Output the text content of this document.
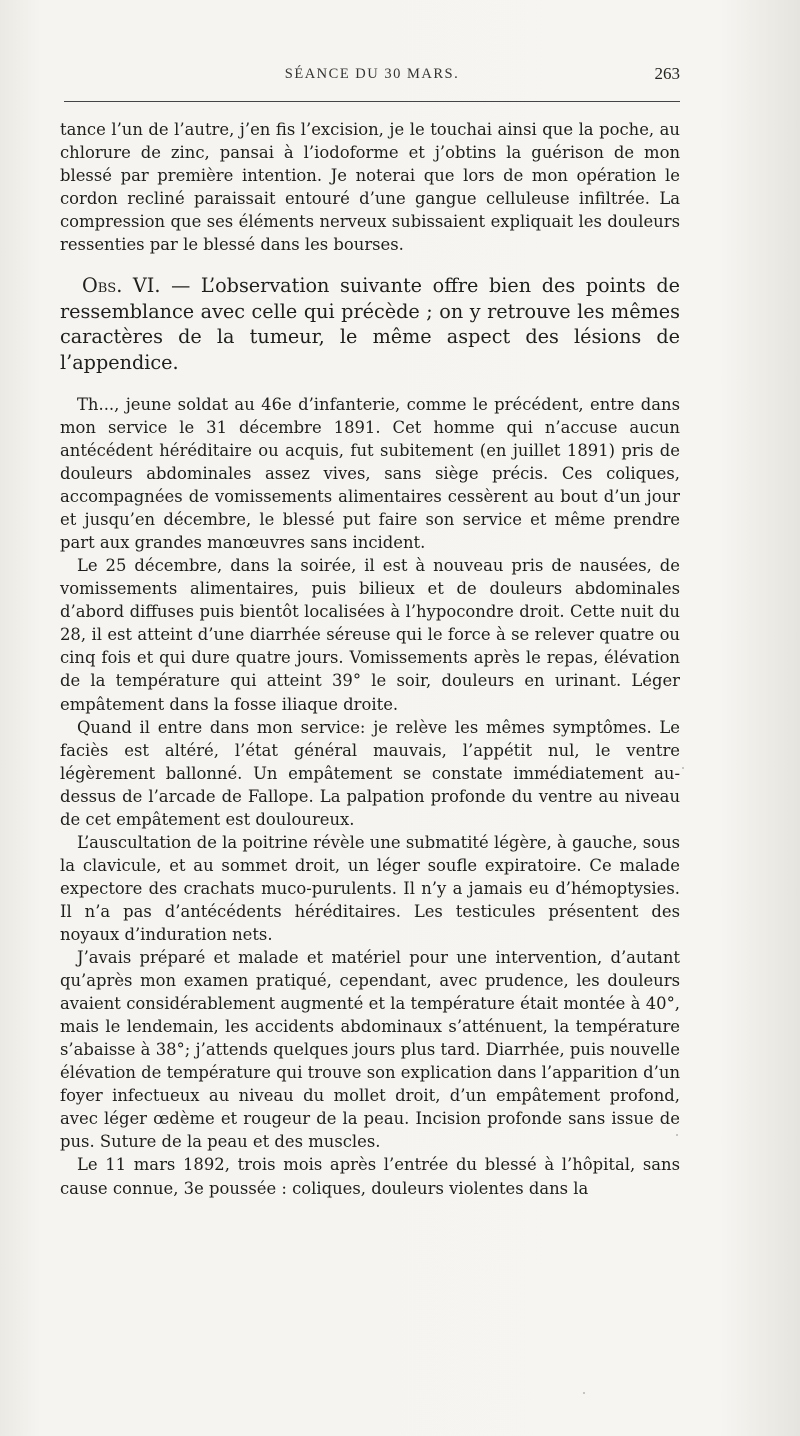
SÉANCE DU 30 MARS.	263

tance l’un de l’autre, j’en fis l’excision, je le touchai ainsi que la poche, au chlorure de zinc, pansai à l’iodoforme et j’obtins la guérison de mon blessé par première intention. Je noterai que lors de mon opération le cordon recliné paraissait entouré d’une gangue celluleuse infiltrée. La compression que ses éléments nerveux subissaient expliquait les douleurs ressenties par le blessé dans les bourses.

Obs. VI. — L’observation suivante offre bien des points de ressemblance avec celle qui précède ; on y retrouve les mêmes caractères de la tumeur, le même aspect des lésions de l’appendice.

Th..., jeune soldat au 46e d’infanterie, comme le précédent, entre dans mon service le 31 décembre 1891. Cet homme qui n’accuse aucun antécédent héréditaire ou acquis, fut subitement (en juillet 1891) pris de douleurs abdominales assez vives, sans siège précis. Ces coliques, accompagnées de vomissements alimentaires cessèrent au bout d’un jour et jusqu’en décembre, le blessé put faire son service et même prendre part aux grandes manœuvres sans incident.

Le 25 décembre, dans la soirée, il est à nouveau pris de nausées, de vomissements alimentaires, puis bilieux et de douleurs abdominales d’abord diffuses puis bientôt localisées à l’hypocondre droit. Cette nuit du 28, il est atteint d’une diarrhée séreuse qui le force à se relever quatre ou cinq fois et qui dure quatre jours. Vomissements après le repas, élévation de la température qui atteint 39° le soir, douleurs en urinant. Léger empâtement dans la fosse iliaque droite.

Quand il entre dans mon service: je relève les mêmes symptômes. Le faciès est altéré, l’état général mauvais, l’appétit nul, le ventre légèrement ballonné. Un empâtement se constate immédiatement au-dessus de l’arcade de Fallope. La palpation profonde du ventre au niveau de cet empâtement est douloureux.

L’auscultation de la poitrine révèle une submatité légère, à gauche, sous la clavicule, et au sommet droit, un léger soufle expiratoire. Ce malade expectore des crachats muco-purulents. Il n’y a jamais eu d’hémoptysies. Il n’a pas d’antécédents héréditaires. Les testicules présentent des noyaux d’induration nets.

J’avais préparé et malade et matériel pour une intervention, d’autant qu’après mon examen pratiqué, cependant, avec prudence, les douleurs avaient considérablement augmenté et la température était montée à 40°, mais le lendemain, les accidents abdominaux s’atténuent, la température s’abaisse à 38°; j’attends quelques jours plus tard. Diarrhée, puis nouvelle élévation de température qui trouve son explication dans l’apparition d’un foyer infectueux au niveau du mollet droit, d’un empâtement profond, avec léger œdème et rougeur de la peau. Incision profonde sans issue de pus. Suture de la peau et des muscles.

Le 11 mars 1892, trois mois après l’entrée du blessé à l’hôpital, sans cause connue, 3e poussée : coliques, douleurs violentes dans la
